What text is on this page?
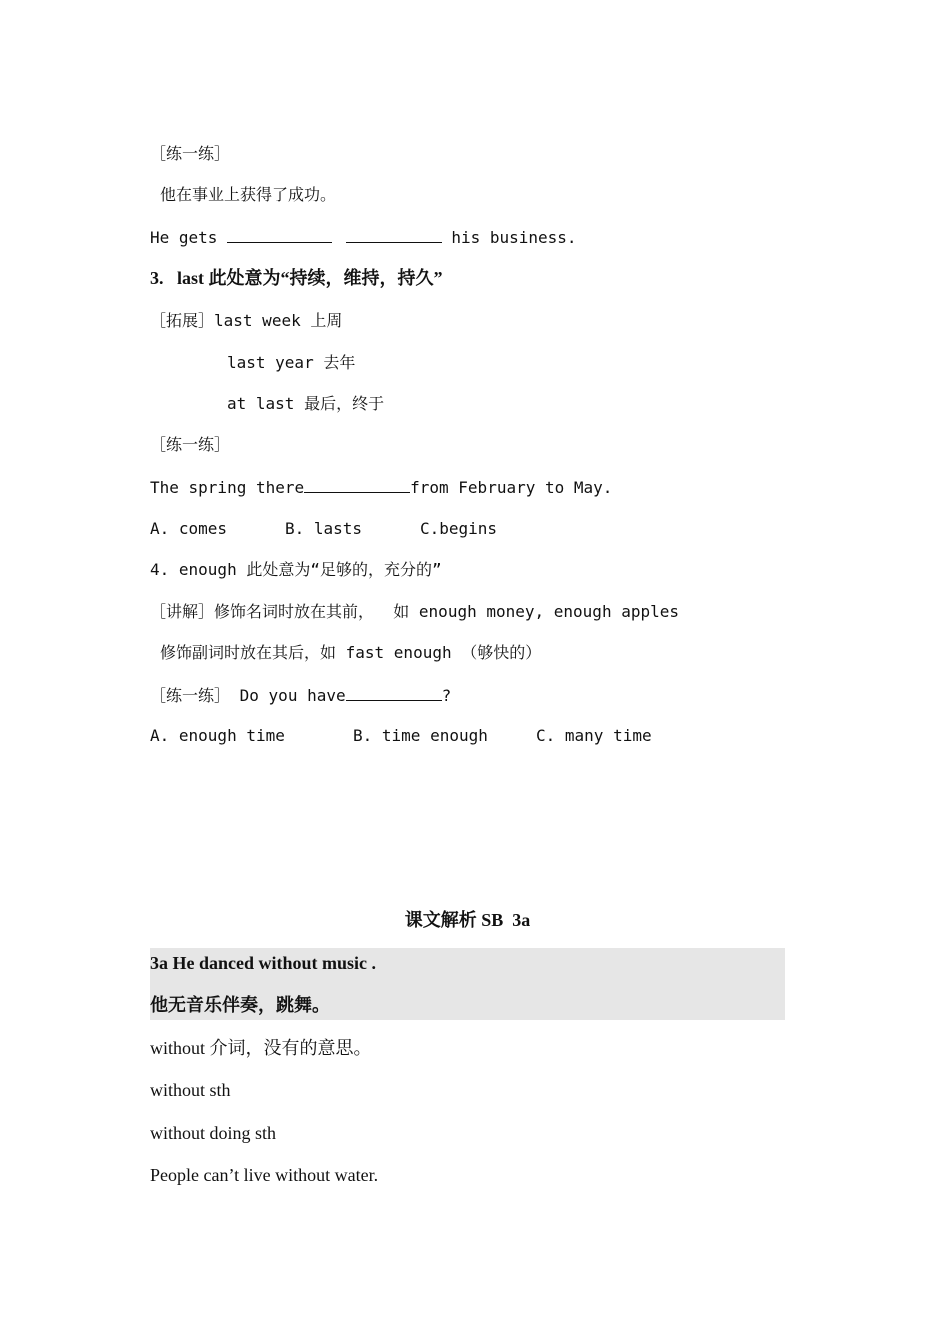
［练一练］
他在事业上获得了成功。
He gets	his business.
3.   last 此处意为“持续，维持，持久”
［拓展］last week 上周
last year 去年
at last 最后，终于
［练一练］
The spring there	from February to May.
A. comes	B. lasts	C.begins
4. enough 此处意为“足够的，充分的”
［讲解］修饰名词时放在其前，  如 enough money, enough apples
修饰副词时放在其后，如 fast enough （够快的）
［练一练］ Do you have	?
A. enough time	B. time enough	C. many time
课文解析 SB  3a
3a He danced without music .
他无音乐伴奏，跳舞。
without 介词，没有的意思。
without sth
without doing sth
People can’t live without water.
